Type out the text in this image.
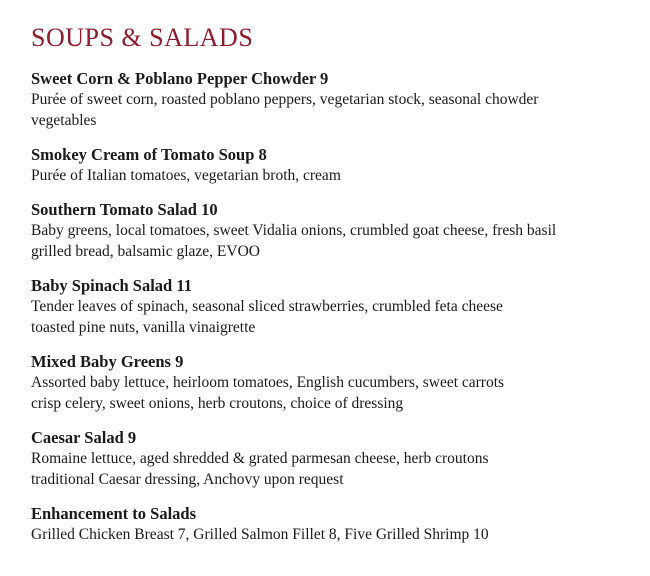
SOUPS & SALADS
Sweet Corn & Poblano Pepper Chowder 9
Purée of sweet corn, roasted poblano peppers, vegetarian stock, seasonal chowder
vegetables
Smokey Cream of Tomato Soup 8
Purée of Italian tomatoes, vegetarian broth, cream
Southern Tomato Salad 10
Baby greens, local tomatoes, sweet Vidalia onions, crumbled goat cheese, fresh basil
grilled bread, balsamic glaze, EVOO
Baby Spinach Salad 11
Tender leaves of spinach, seasonal sliced strawberries, crumbled feta cheese
toasted pine nuts, vanilla vinaigrette
Mixed Baby Greens 9
Assorted baby lettuce, heirloom tomatoes, English cucumbers, sweet carrots
crisp celery, sweet onions, herb croutons, choice of dressing
Caesar Salad 9
Romaine lettuce, aged shredded & grated parmesan cheese, herb croutons
traditional Caesar dressing, Anchovy upon request
Enhancement to Salads
Grilled Chicken Breast 7, Grilled Salmon Fillet 8, Five Grilled Shrimp 10
